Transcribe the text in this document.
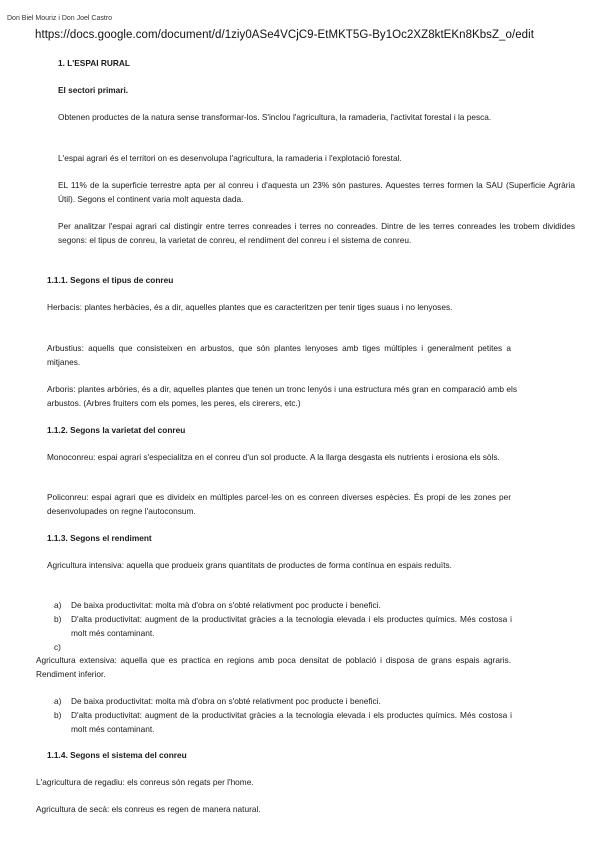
Don Biel Mouriz i Don Joel Castro
https://docs.google.com/document/d/1ziy0ASe4VCjC9-EtMKT5G-By1Oc2XZ8ktEKn8KbsZ_o/edit
1. L'ESPAI RURAL
El sectori primari.

Obtenen productes de la natura sense transformar-los. S'inclou l'agricultura, la ramaderia, l'activitat forestal i la pesca.

L'espai agrari és el territori on es desenvolupa l'agricultura, la ramaderia i l'explotació forestal.

EL 11% de la superficie terrestre apta per al conreu i d'aquesta un 23% són pastures. Aquestes terres formen la SAU (Superficie Agrària Útil). Segons el continent varia molt aquesta dada.

Per analitzar l'espai agrari cal distingir entre terres conreades i terres no conreades. Dintre de les terres conreades les trobem dividides segons: el tipus de conreu, la varietat de conreu, el rendiment del conreu i el sistema de conreu.

1.1.1. Segons el tipus de conreu

Herbacis: plantes herbàcies, és a dir, aquelles plantes que es caracteritzen per tenir tiges suaus i no lenyoses.

Arbustius: aquells que consisteixen en arbustos, que són plantes lenyoses amb tiges múltiples i generalment petites a mitjanes.

Arboris: plantes arbòries, és a dir, aquelles plantes que tenen un tronc lenyós i una estructura més gran en comparació amb els arbustos. (Arbres fruiters com els pomes, les peres, els cirerers, etc.)

1.1.2. Segons la varietat del conreu

Monoconreu: espai agrari s'especialitza en el conreu d'un sol producte. A la llarga desgasta els nutrients i erosiona els sòls.

Policonreu: espai agrari que es divideix en múltiples parcel·les on es conreen diverses espècies. És propi de les zones per desenvolupades on regne l'autoconsum.

1.1.3. Segons el rendiment

Agricultura intensiva: aquella que produeix grans quantitats de productes de forma contínua en espais reduïts.

a) De baixa productivitat: molta mà d'obra on s'obté relativment poc producte i benefici.
b) D'alta productivitat: augment de la productivitat gràcies a la tecnologia elevada i els productes químics. Més costosa i molt més contaminant.
c)

Agricultura extensiva: aquella que es practica en regions amb poca densitat de població i disposa de grans espais agraris. Rendiment inferior.

a) De baixa productivitat: molta mà d'obra on s'obté relativment poc producte i benefici.
b) D'alta productivitat: augment de la productivitat gràcies a la tecnologia elevada i els productes químics. Més costosa i molt més contaminant.
1.1.4. Segons el sistema del conreu

L'agricultura de regadiu: els conreus són regats per l'home.

Agricultura de secà: els conreus es regen de manera natural.
